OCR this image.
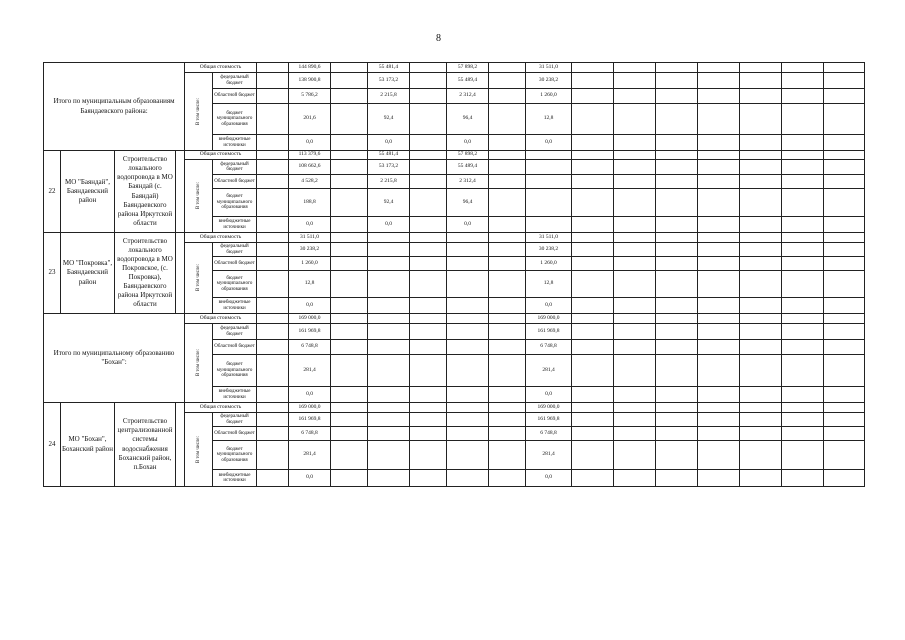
8
Итого по муниципальным образованиям Баяндаевского района:				Общая стоимость			144 890,6		55 481,4		57 898,2		31 511,0							
				В том числе:	федеральный бюджет		138 900,8		53 173,2		55 489,4		30 238,2							
					Областной бюджет		5 786,2		2 215,8		2 312,4		1 260,0							
					бюджет муниципального образования		201,6		92,4		96,4		12,8							
					внебюджетные источники		0,0		0,0		0,0		0,0							
22	МО "Баяндай", Баяндаевский район	Строительство локального водопровода в МО Баяндай (с. Баяндай) Баяндаевского района Иркутской области		Общая стоимость			113 379,6		55 481,4		57 898,2									
				В том числе:	федеральный бюджет		108 662,6		53 173,2		55 489,4									
					Областной бюджет		4 528,2		2 215,8		2 312,4									
					бюджет муниципального образования		188,8		92,4		96,4									
					внебюджетные источники		0,0		0,0		0,0									
23	МО "Покровка", Баяндаевский район	Строительство локального водопровода в МО Покровское, (с. Покровка), Баяндаевского района Иркутской области		Общая стоимость			31 511,0						31 511,0							
				В том числе:	федеральный бюджет		30 238,2						30 238,2							
					Областной бюджет		1 260,0						1 260,0							
					бюджет муниципального образования		12,8						12,8							
					внебюджетные источники		0,0						0,0							
Итого по муниципальному образованию "Бохан":				Общая стоимость			169 000,0						169 000,0							
				В том числе:	федеральный бюджет		161 969,8						161 969,8							
					Областной бюджет		6 748,8						6 748,8							
					бюджет муниципального образования		281,4						281,4							
					внебюджетные источники		0,0						0,0							
24	МО "Бохан", Боханский район	Строительство централизованной системы водоснабжения Боханский район, п.Бохан		Общая стоимость			169 000,0						169 000,0							
				В том числе:	федеральный бюджет		161 969,8						161 969,8							
					Областной бюджет		6 748,8						6 748,8							
					бюджет муниципального образования		281,4						281,4							
					внебюджетные источники		0,0						0,0							
